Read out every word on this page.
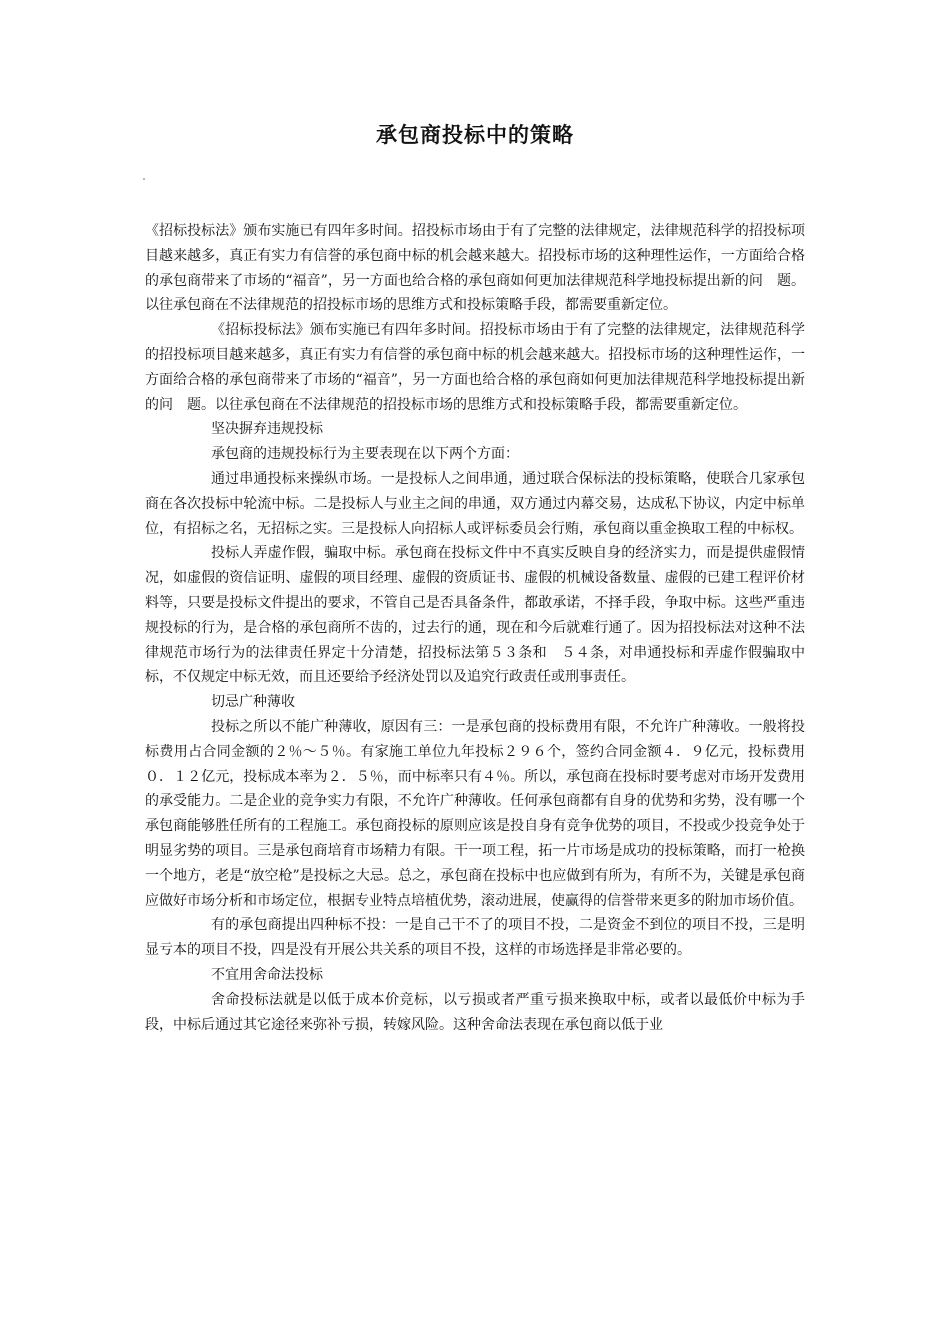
承包商投标中的策略

《招标投标法》颁布实施已有四年多时间。招投标市场由于有了完整的法律规定，法律规范科学的招投标项目越来越多，真正有实力有信誉的承包商中标的机会越来越大。招投标市场的这种理性运作，一方面给合格的承包商带来了市场的“福音”，另一方面也给合格的承包商如何更加法律规范科学地投标提出新的问　题。以往承包商在不法律规范的招投标市场的思维方式和投标策略手段，都需要重新定位。

《招标投标法》颁布实施已有四年多时间。招投标市场由于有了完整的法律规定，法律规范科学的招投标项目越来越多，真正有实力有信誉的承包商中标的机会越来越大。招投标市场的这种理性运作，一方面给合格的承包商带来了市场的“福音”，另一方面也给合格的承包商如何更加法律规范科学地投标提出新的问　题。以往承包商在不法律规范的招投标市场的思维方式和投标策略手段，都需要重新定位。

坚决摒弃违规投标

承包商的违规投标行为主要表现在以下两个方面：

通过串通投标来操纵市场。一是投标人之间串通，通过联合保标法的投标策略，使联合几家承包商在各次投标中轮流中标。二是投标人与业主之间的串通，双方通过内幕交易，达成私下协议，内定中标单位，有招标之名，无招标之实。三是投标人向招标人或评标委员会行贿，承包商以重金换取工程的中标权。

投标人弄虚作假，骗取中标。承包商在投标文件中不真实反映自身的经济实力，而是提供虚假情况，如虚假的资信证明、虚假的项目经理、虚假的资质证书、虚假的机械设备数量、虚假的已建工程评价材料等，只要是投标文件提出的要求，不管自己是否具备条件，都敢承诺，不择手段，争取中标。这些严重违规投标的行为，是合格的承包商所不齿的，过去行的通，现在和今后就难行通了。因为招投标法对这种不法律规范市场行为的法律责任界定十分清楚，招投标法第５３条和　５４条，对串通投标和弄虚作假骗取中标，不仅规定中标无效，而且还要给予经济处罚以及追究行政责任或刑事责任。

切忌广种薄收

投标之所以不能广种薄收，原因有三：一是承包商的投标费用有限，不允许广种薄收。一般将投标费用占合同金额的２％～５％。有家施工单位九年投标２９６个，签约合同金额４．９亿元，投标费用０．１２亿元，投标成本率为２．５％，而中标率只有４％。所以，承包商在投标时要考虑对市场开发费用的承受能力。二是企业的竞争实力有限，不允许广种薄收。任何承包商都有自身的优势和劣势，没有哪一个承包商能够胜任所有的工程施工。承包商投标的原则应该是投自身有竞争优势的项目，不投或少投竞争处于明显劣势的项目。三是承包商培育市场精力有限。干一项工程，拓一片市场是成功的投标策略，而打一枪换一个地方，老是“放空枪”是投标之大忌。总之，承包商在投标中也应做到有所为，有所不为，关键是承包商应做好市场分析和市场定位，根据专业特点培植优势，滚动进展，使赢得的信誉带来更多的附加市场价值。

有的承包商提出四种标不投：一是自己干不了的项目不投，二是资金不到位的项目不投，三是明显亏本的项目不投，四是没有开展公共关系的项目不投，这样的市场选择是非常必要的。

不宜用舍命法投标

舍命投标法就是以低于成本价竞标，以亏损或者严重亏损来换取中标，或者以最低价中标为手段，中标后通过其它途径来弥补亏损，转嫁风险。这种舍命法表现在承包商以低于业
